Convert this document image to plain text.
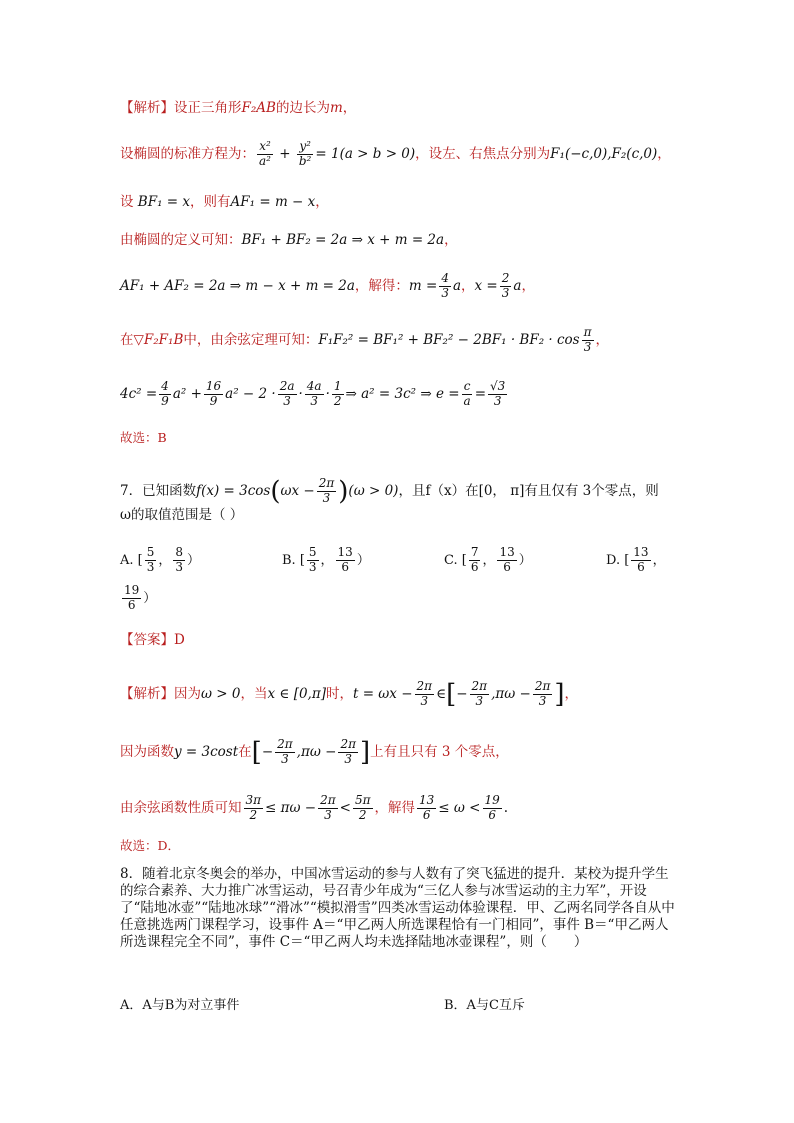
【解析】设正三角形F₂AB的边长为m，
设椭圆的标准方程为： $\frac{\text{x²}}{\text{a²}} + \frac{\text{y²}}{\text{b²}} = 1(a > b > 0)$，设左、右焦点分别为F₁(−c,0),F₂(c,0)，
设 BF₁ = x，则有AF₁ = m − x，
由椭圆的定义可知：BF₁ + BF₂ = 2a ⇒ x + m = 2a，
AF₁ + AF₂ = 2a ⇒ m − x + m = 2a，解得：$m = \frac{4}{3}$ a，$x = \frac{2}{3}$ a，
在▽F₂F₁B中，由余弦定理可知：$F_1F_2^2 = BF_1^2 + BF_2^2 - 2BF_1 \cdot BF_2 \cdot \cos \frac{\pi}{3}$ ，
$4c^2 = \frac{4}{9} a^2 + \frac{16}{9} a^2 - 2 \cdot \frac{2a}{3} \cdot \frac{4a}{3} \cdot \frac{1}{2}$ ⇒ a² = 3c² ⇒ $e = \frac{c}{a} = \frac{√3}{3}$
故选：B
7．已知函数$f(x) = 3\cos(\omega x - \frac{2\pi}{3} )(\omega > 0)$，且f（x）在[0， π]有且仅有 3个零点，则
ω的取值范围是（ ）
A. [ $\frac{5}{3}$ ， $\frac{8}{3}$ ）	B. [ $\frac{5}{3}$ ， $\frac{13}{6}$ ）	C. [ $\frac{7}{6}$ ， $\frac{13}{6}$ ）	D. [ $\frac{13}{6}$ ，
$\frac{19}{6}$ ）
【答案】D
【解析】因为ω > 0，当x ∈ [0,π]时，$t = \omega x - \frac{2\pi}{3}$ ∈[− $\frac{2\pi}{3} ,\pi\omega - \frac{2\pi}{3}$ ]，
因为函数y = 3cost在[− $\frac{2\pi}{3} ,\pi\omega - \frac{2\pi}{3}$ ]上有且只有 3 个零点，
由余弦函数性质可知 $\frac{3\pi}{2} \le \pi\omega - \frac{2\pi}{3} < \frac{5\pi}{2}$ ，解得 $\frac{13}{6} \le \omega < \frac{19}{6}$ .
故选：D．
8．随着北京冬奥会的举办，中国冰雪运动的参与人数有了突飞猛进的提升．某校为提升学生的综合素养、大力推广冰雪运动，号召青少年成为“三亿人参与冰雪运动的主力军”，开设了“陆地冰壶”“陆地冰球”“滑冰”“模拟滑雪”四类冰雪运动体验课程．甲、乙两名同学各自从中任意挑选两门课程学习，设事件 A＝“甲乙两人所选课程恰有一门相同”，事件 B＝“甲乙两人所选课程完全不同”，事件 C＝“甲乙两人均未选择陆地冰壶课程”，则（　　）
A．A与B为对立事件	B．A与C互斥
